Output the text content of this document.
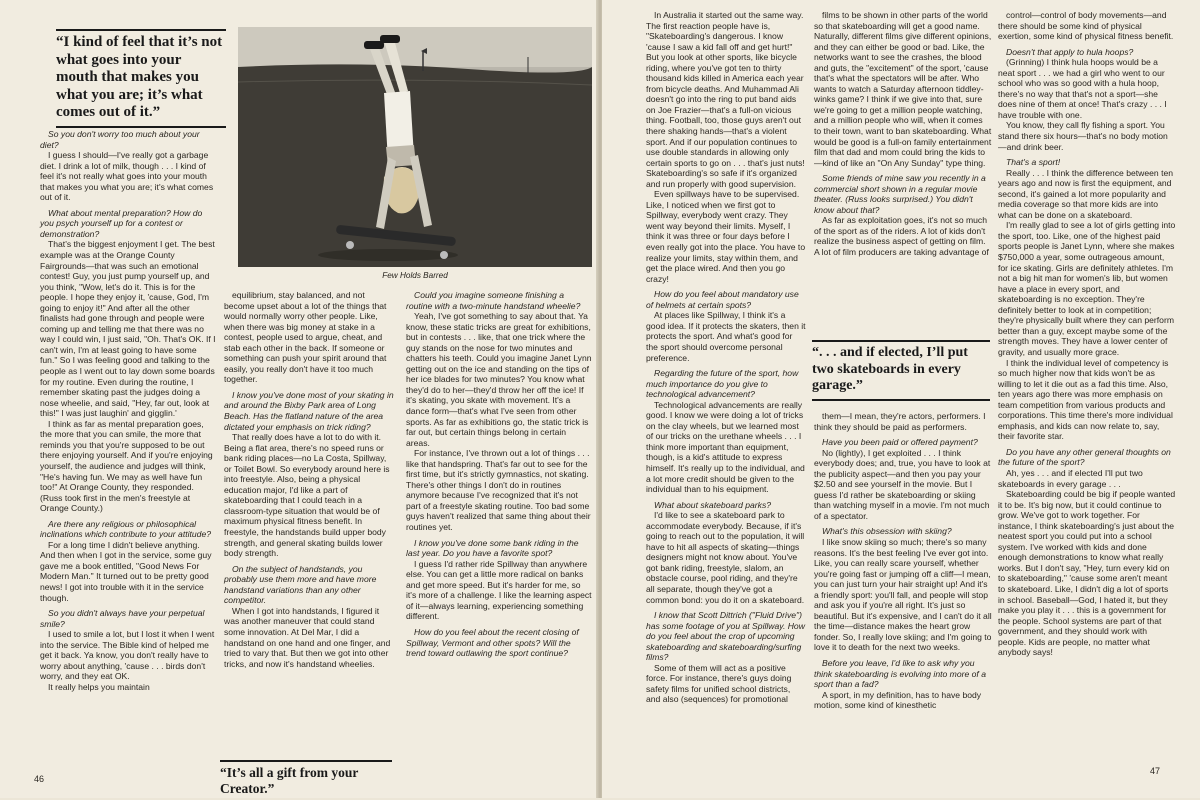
“I kind of feel that it’s not what goes into your mouth that makes you what you are; it’s what comes out of it.”

So you don't worry too much about your diet?

I guess I should—I've really got a garbage diet. I drink a lot of milk, though . . . I kind of feel it's not really what goes into your mouth that makes you what you are; it's what comes out of it.

What about mental preparation? How do you psych yourself up for a contest or demonstration?

That's the biggest enjoyment I get. The best example was at the Orange County Fairgrounds—that was such an emotional contest! Guy, you just pump yourself up, and you think, "Wow, let's do it. This is for the people. I hope they enjoy it, 'cause, God, I'm going to enjoy it!" And after all the other finalists had gone through and people were coming up and telling me that there was no way I could win, I just said, "Oh. That's OK. If I can't win, I'm at least going to have some fun." So I was feeling good and talking to the people as I went out to lay down some boards for my routine. Even during the routine, I remember skating past the judges doing a nose wheelie, and said, "Hey, far out, look at this!" I was just laughin' and gigglin.'

I think as far as mental preparation goes, the more that you can smile, the more that reminds you that you're supposed to be out there enjoying yourself. And if you're enjoying yourself, the audience and judges will think, "He's having fun. We may as well have fun too!" At Orange County, they responded. (Russ took first in the men's freestyle at Orange County.)

Are there any religious or philosophical inclinations which contribute to your attitude?

For a long time I didn't believe anything. And then when I got in the service, some guy gave me a book entitled, "Good News For Modern Man." It turned out to be pretty good news! I got into trouble with it in the service though.

So you didn't always have your perpetual smile?

I used to smile a lot, but I lost it when I went into the service. The Bible kind of helped me get it back. Ya know, you don't really have to worry about anything, 'cause . . . birds don't worry, and they eat OK.

It really helps you maintain

Few Holds Barred

equilibrium, stay balanced, and not become upset about a lot of the things that would normally worry other people. Like, when there was big money at stake in a contest, people used to argue, cheat, and stab each other in the back. If someone or something can push your spirit around that easily, you really don't have it too much together.

I know you've done most of your skating in and around the Bixby Park area of Long Beach. Has the flatland nature of the area dictated your emphasis on trick riding?

That really does have a lot to do with it. Being a flat area, there's no speed runs or bank riding places—no La Costa, Spillway, or Toilet Bowl. So everybody around here is into freestyle. Also, being a physical education major, I'd like a part of skateboarding that I could teach in a classroom-type situation that would be of maximum physical fitness benefit. In freestyle, the handstands build upper body strength, and general skating builds lower body strength.

On the subject of handstands, you probably use them more and have more handstand variations than any other competitor.

When I got into handstands, I figured it was another maneuver that could stand some innovation. At Del Mar, I did a handstand on one hand and one finger, and tried to vary that. But then we got into other tricks, and now it's handstand wheelies.

Could you imagine someone finishing a routine with a two-minute handstand wheelie?

Yeah, I've got something to say about that. Ya know, these static tricks are great for exhibitions, but in contests . . . like, that one trick where the guy stands on the nose for two minutes and chatters his teeth. Could you imagine Janet Lynn getting out on the ice and standing on the tips of her ice blades for two minutes? You know what they'd do to her—they'd throw her off the ice! If it's skating, you skate with movement. It's a dance form—that's what I've seen from other sports. As far as exhibitions go, the static trick is far out, but certain things belong in certain areas.

For instance, I've thrown out a lot of things . . . like that handspring. That's far out to see for the first time, but it's strictly gymnastics, not skating. There's other things I don't do in routines anymore because I've recognized that it's not part of a freestyle skating routine. Too bad some guys haven't realized that same thing about their routines yet.

I know you've done some bank riding in the last year. Do you have a favorite spot?

I guess I'd rather ride Spillway than anywhere else. You can get a little more radical on banks and get more speed. But it's harder for me, so it's more of a challenge. I like the learning aspect of it—always learning, experiencing something different.

How do you feel about the recent closing of Spillway, Vermont and other spots? Will the trend toward outlawing the sport continue?

“It’s all a gift from your Creator.”
46

In Australia it started out the same way. The first reaction people have is, "Skateboarding's dangerous. I know 'cause I saw a kid fall off and get hurt!" But you look at other sports, like bicycle riding, where you've got ten to thirty thousand kids killed in America each year from bicycle deaths. And Muhammad Ali doesn't go into the ring to put band aids on Joe Frazier—that's a full-on vicious thing. Football, too, those guys aren't out there shaking hands—that's a violent sport. And if our population continues to use double standards in allowing only certain sports to go on . . . that's just nuts! Skateboarding's so safe if it's organized and run properly with good supervision.

Even spillways have to be supervised. Like, I noticed when we first got to Spillway, everybody went crazy. They went way beyond their limits. Myself, I think it was three or four days before I even really got into the place. You have to realize your limits, stay within them, and get the place wired. And then you go crazy!

How do you feel about mandatory use of helmets at certain spots?

At places like Spillway, I think it's a good idea. If it protects the skaters, then it protects the sport. And what's good for the sport should overcome personal preference.

Regarding the future of the sport, how much importance do you give to technological advancement?

Technological advancements are really good. I know we were doing a lot of tricks on the clay wheels, but we learned most of our tricks on the urethane wheels . . . I think more important than equipment, though, is a kid's attitude to express himself. It's really up to the individual, and a lot more credit should be given to the individual than to his equipment.

What about skateboard parks?

I'd like to see a skateboard park to accommodate everybody. Because, if it's going to reach out to the population, it will have to hit all aspects of skating—things designers might not know about. You've got bank riding, freestyle, slalom, an obstacle course, pool riding, and they're all separate, though they've got a common bond: you do it on a skateboard.

I know that Scott Dittrich ("Fluid Drive") has some footage of you at Spillway. How do you feel about the crop of upcoming skateboarding and skateboarding/surfing films?

Some of them will act as a positive force. For instance, there's guys doing safety films for unified school districts, and also (sequences) for promotional

films to be shown in other parts of the world so that skateboarding will get a good name. Naturally, different films give different opinions, and they can either be good or bad. Like, the networks want to see the crashes, the blood and guts, the "excitement" of the sport, 'cause that's what the spectators will be after. Who wants to watch a Saturday afternoon tiddley-winks game? I think if we give into that, sure we're going to get a million people watching, and a million people who will, when it comes to their town, want to ban skateboarding. What would be good is a full-on family entertainment film that dad and mom could bring the kids to—kind of like an "On Any Sunday" type thing.

Some friends of mine saw you recently in a commercial short shown in a regular movie theater. (Russ looks surprised.) You didn't know about that?

As far as exploitation goes, it's not so much of the sport as of the riders. A lot of kids don't realize the business aspect of getting on film. A lot of film producers are taking advantage of

“. . . and if elected, I’ll put two skateboards in every garage.”

them—I mean, they're actors, performers. I think they should be paid as performers.

Have you been paid or offered payment?

No (lightly), I get exploited . . . I think everybody does; and, true, you have to look at the publicity aspect—and then you pay your $2.50 and see yourself in the movie. But I guess I'd rather be skateboarding or skiing than watching myself in a movie. I'm not much of a spectator.

What's this obsession with skiing?

I like snow skiing so much; there's so many reasons. It's the best feeling I've ever got into. Like, you can really scare yourself, whether you're going fast or jumping off a cliff—I mean, you can just turn your hair straight up! And it's a friendly sport: you'll fall, and people will stop and ask you if you're all right. It's just so beautiful. But it's expensive, and I can't do it all the time—distance makes the heart grow fonder. So, I really love skiing; and I'm going to love it to death for the next two weeks.

Before you leave, I'd like to ask why you think skateboarding is evolving into more of a sport than a fad?

A sport, in my definition, has to have body motion, some kind of kinesthetic

control—control of body movements—and there should be some kind of physical exertion, some kind of physical fitness benefit.

Doesn't that apply to hula hoops?

(Grinning) I think hula hoops would be a neat sport . . . we had a girl who went to our school who was so good with a hula hoop, there's no way that that's not a sport—she does nine of them at once! That's crazy . . . I have trouble with one.

You know, they call fly fishing a sport. You stand there six hours—that's no body motion—and drink beer.

That's a sport!

Really . . . I think the difference between ten years ago and now is first the equipment, and second, it's gained a lot more popularity and media coverage so that more kids are into what can be done on a skateboard.

I'm really glad to see a lot of girls getting into the sport, too. Like, one of the highest paid sports people is Janet Lynn, where she makes $750,000 a year, some outrageous amount, for ice skating. Girls are definitely athletes. I'm not a big hit man for women's lib, but women have a place in every sport, and skateboarding is no exception. They're definitely better to look at in competition; they're physically built where they can perform better than a guy, except maybe some of the strength moves. They have a lower center of gravity, and usually more grace.

I think the individual level of competency is so much higher now that kids won't be as willing to let it die out as a fad this time. Also, ten years ago there was more emphasis on team competition from various products and corporations. This time there's more individual emphasis, and kids can now relate to, say, their favorite star.

Do you have any other general thoughts on the future of the sport?

Ah, yes . . . and if elected I'll put two skateboards in every garage . . .

Skateboarding could be big if people wanted it to be. It's big now, but it could continue to grow. We've got to work together. For instance, I think skateboarding's just about the neatest sport you could put into a school system. I've worked with kids and done enough demonstrations to know what really works. But I don't say, "Hey, turn every kid on to skateboarding," 'cause some aren't meant to skateboard. Like, I didn't dig a lot of sports in school. Baseball—God, I hated it, but they make you play it . . . this is a government for the people. School systems are part of that government, and they should work with people. Kids are people, no matter what anybody says!

47
